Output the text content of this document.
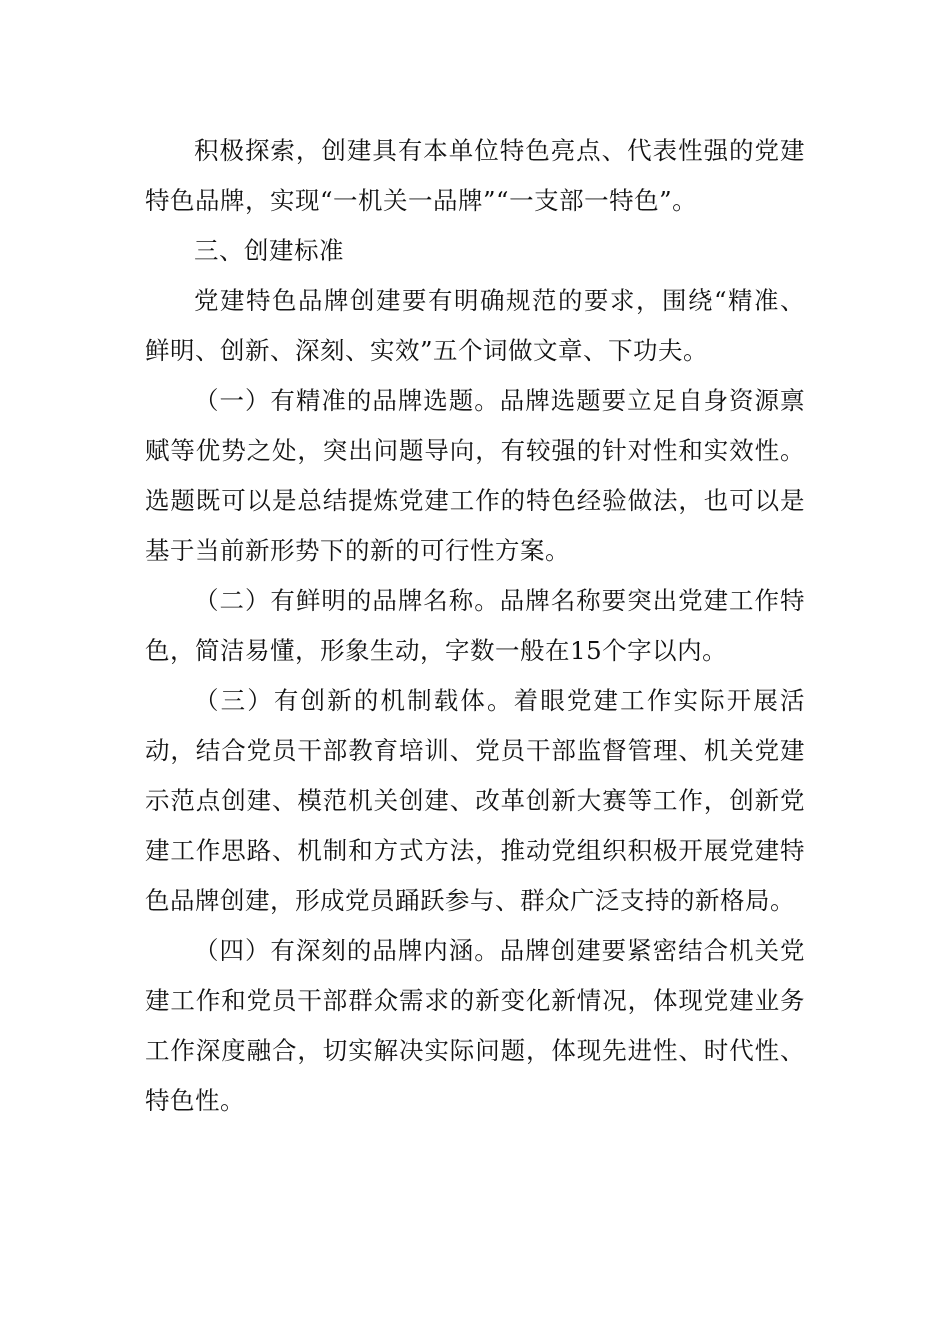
积极探索，创建具有本单位特色亮点、代表性强的党建特色品牌，实现“一机关一品牌”“一支部一特色”。

三、创建标准

党建特色品牌创建要有明确规范的要求，围绕“精准、鲜明、创新、深刻、实效”五个词做文章、下功夫。

（一）有精准的品牌选题。品牌选题要立足自身资源禀赋等优势之处，突出问题导向，有较强的针对性和实效性。选题既可以是总结提炼党建工作的特色经验做法，也可以是基于当前新形势下的新的可行性方案。

（二）有鲜明的品牌名称。品牌名称要突出党建工作特色，简洁易懂，形象生动，字数一般在15个字以内。

（三）有创新的机制载体。着眼党建工作实际开展活动，结合党员干部教育培训、党员干部监督管理、机关党建示范点创建、模范机关创建、改革创新大赛等工作，创新党建工作思路、机制和方式方法，推动党组织积极开展党建特色品牌创建，形成党员踊跃参与、群众广泛支持的新格局。

（四）有深刻的品牌内涵。品牌创建要紧密结合机关党建工作和党员干部群众需求的新变化新情况，体现党建业务工作深度融合，切实解决实际问题，体现先进性、时代性、特色性。
